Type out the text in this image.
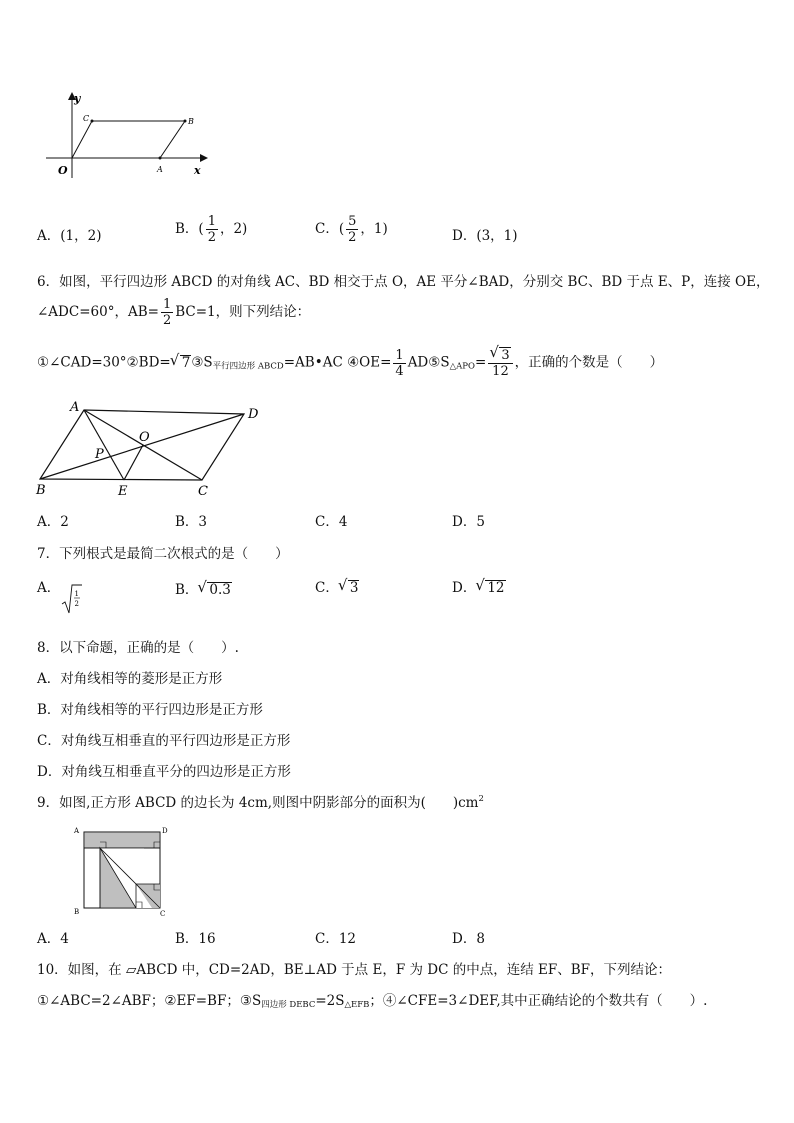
y
O	x
A
B
C
A．(1，2)	B．( $\frac{1}{2}$ ，2)	C．( $\frac{5}{2}$ ，1)	D．(3，1)
6．如图，平行四边形 ABCD 的对角线 AC、BD 相交于点 O，AE 平分∠BAD，分别交 BC、BD 于点 E、P，连接 OE，
∠ADC=60°，$AB= \frac{1}{2} BC=1$，则下列结论：
①∠CAD=30°②BD= √ $7③S_{平行四边形 ABCD}=AB•AC$ ④OE= $\frac{1}{4}$ $AD⑤S_{\triangle APO}=$ √ $\frac{3}{12}$ ，正确的个数是（　　）
A	D
O
P
B	E	C
A．2	B．3	C．4	D．5
7．下列根式是最简二次根式的是（　　）
A． 1
2
B． √ 0.3	C． √ 3	D． √ 12
8．以下命题，正确的是（　　）.
A．对角线相等的菱形是正方形
B．对角线相等的平行四边形是正方形
C．对角线互相垂直的平行四边形是正方形
D．对角线互相垂直平分的四边形是正方形
9．如图,正方形 ABCD 的边长为 4cm,则图中阴影部分的面积为(　　)$cm^2$
A	D
B	C
A．4	B．16	C．12	D．8
10．如图，在 ▱ABCD 中，CD=2AD，BE⊥AD 于点 E，F 为 DC 的中点，连结 EF、BF，下列结论：
①∠ABC=2∠ABF；②EF=BF；$③S_{四边形 DEBC}=2S_{\triangle EFB}$；④∠CFE=3∠DEF,其中正确结论的个数共有（　　）.
